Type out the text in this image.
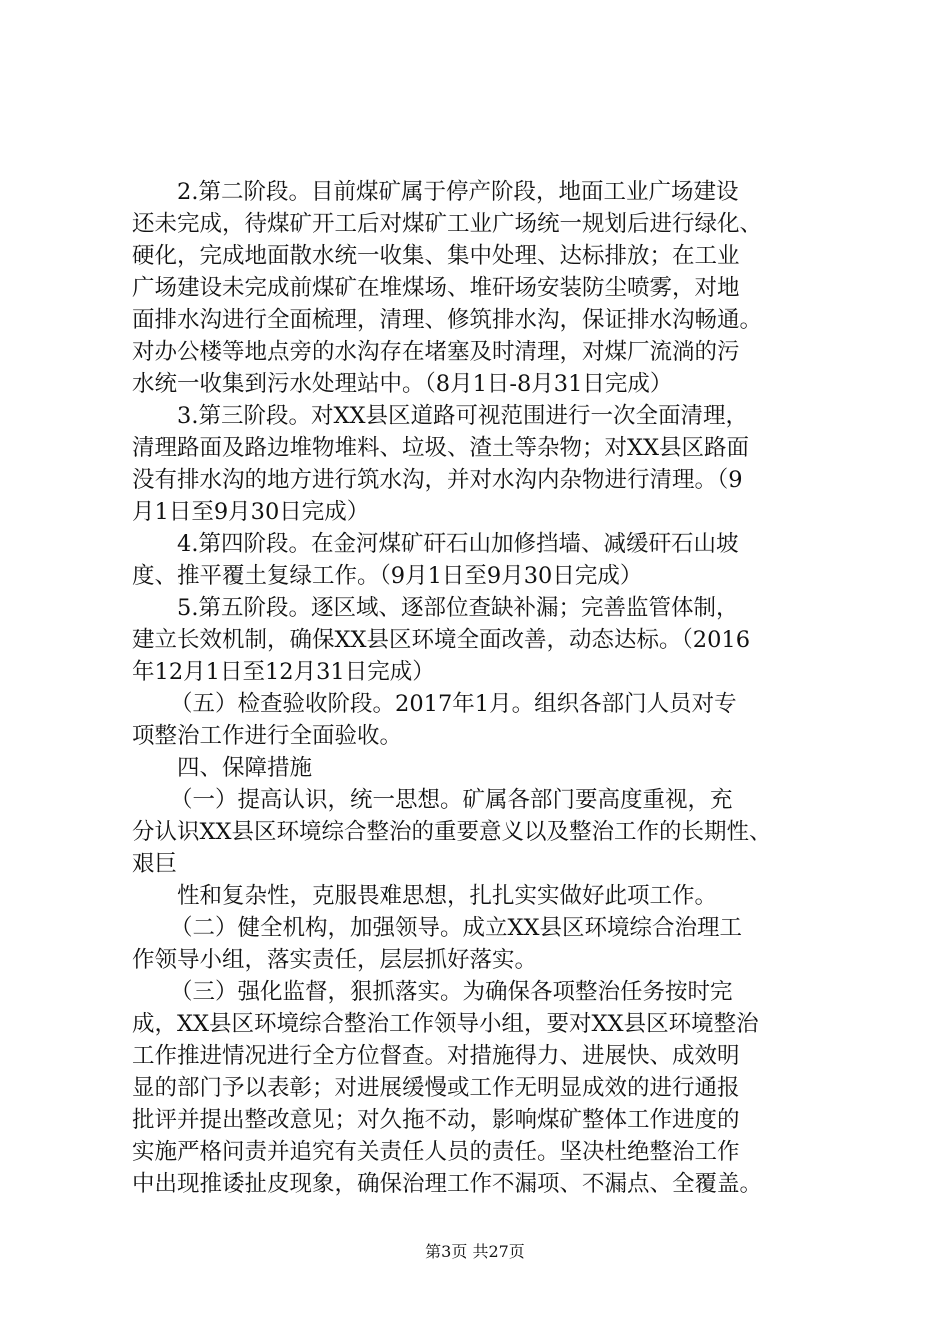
2.第二阶段。目前煤矿属于停产阶段，地面工业广场建设
还未完成，待煤矿开工后对煤矿工业广场统一规划后进行绿化、
硬化，完成地面散水统一收集、集中处理、达标排放；在工业
广场建设未完成前煤矿在堆煤场、堆矸场安装防尘喷雾，对地
面排水沟进行全面梳理，清理、修筑排水沟，保证排水沟畅通。
对办公楼等地点旁的水沟存在堵塞及时清理，对煤厂流淌的污
水统一收集到污水处理站中。（8月1日-8月31日完成）
3.第三阶段。对XX县区道路可视范围进行一次全面清理，
清理路面及路边堆物堆料、垃圾、渣土等杂物；对XX县区路面
没有排水沟的地方进行筑水沟，并对水沟内杂物进行清理。（9
月1日至9月30日完成）
4.第四阶段。在金河煤矿矸石山加修挡墙、减缓矸石山坡
度、推平覆土复绿工作。（9月1日至9月30日完成）
5.第五阶段。逐区域、逐部位查缺补漏；完善监管体制，
建立长效机制，确保XX县区环境全面改善，动态达标。（2016
年12月1日至12月31日完成）
（五）检查验收阶段。2017年1月。组织各部门人员对专
项整治工作进行全面验收。
四、保障措施
（一）提高认识，统一思想。矿属各部门要高度重视，充
分认识XX县区环境综合整治的重要意义以及整治工作的长期性、
艰巨
性和复杂性，克服畏难思想，扎扎实实做好此项工作。
（二）健全机构，加强领导。成立XX县区环境综合治理工
作领导小组，落实责任，层层抓好落实。
（三）强化监督，狠抓落实。为确保各项整治任务按时完
成，XX县区环境综合整治工作领导小组，要对XX县区环境整治
工作推进情况进行全方位督查。对措施得力、进展快、成效明
显的部门予以表彰；对进展缓慢或工作无明显成效的进行通报
批评并提出整改意见；对久拖不动，影响煤矿整体工作进度的
实施严格问责并追究有关责任人员的责任。坚决杜绝整治工作
中出现推诿扯皮现象，确保治理工作不漏项、不漏点、全覆盖。
第3页 共27页
